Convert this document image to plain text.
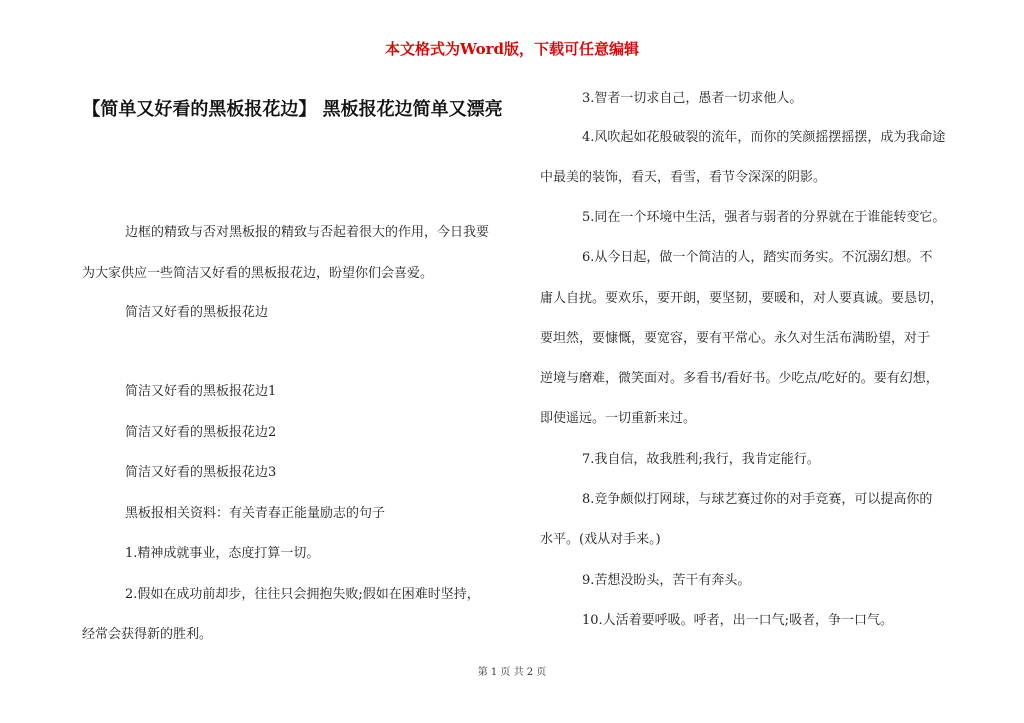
本文格式为Word版，下载可任意编辑
【简单又好看的黑板报花边】 黑板报花边简单又漂亮
边框的精致与否对黑板报的精致与否起着很大的作用，今日我要
为大家供应一些简洁又好看的黑板报花边，盼望你们会喜爱。
简洁又好看的黑板报花边
简洁又好看的黑板报花边1
简洁又好看的黑板报花边2
简洁又好看的黑板报花边3
黑板报相关资料：有关青春正能量励志的句子
1.精神成就事业，态度打算一切。
2.假如在成功前却步，往往只会拥抱失败;假如在困难时坚持，
经常会获得新的胜利。
3.智者一切求自己，愚者一切求他人。
4.风吹起如花般破裂的流年，而你的笑颜摇摆摇摆，成为我命途
中最美的装饰，看天，看雪，看节令深深的阴影。
5.同在一个环境中生活，强者与弱者的分界就在于谁能转变它。
6.从今日起，做一个简洁的人，踏实而务实。不沉溺幻想。不
庸人自扰。要欢乐，要开朗，要坚韧，要暖和，对人要真诚。要恳切，
要坦然，要慷慨，要宽容，要有平常心。永久对生活布满盼望，对于
逆境与磨难，微笑面对。多看书/看好书。少吃点/吃好的。要有幻想，
即使遥远。一切重新来过。
7.我自信，故我胜利;我行，我肯定能行。
8.竞争颇似打网球，与球艺赛过你的对手竞赛，可以提高你的
水平。(戏从对手来。)
9.苦想没盼头，苦干有奔头。
10.人活着要呼吸。呼者，出一口气;吸者，争一口气。
第 1 页 共 2 页
